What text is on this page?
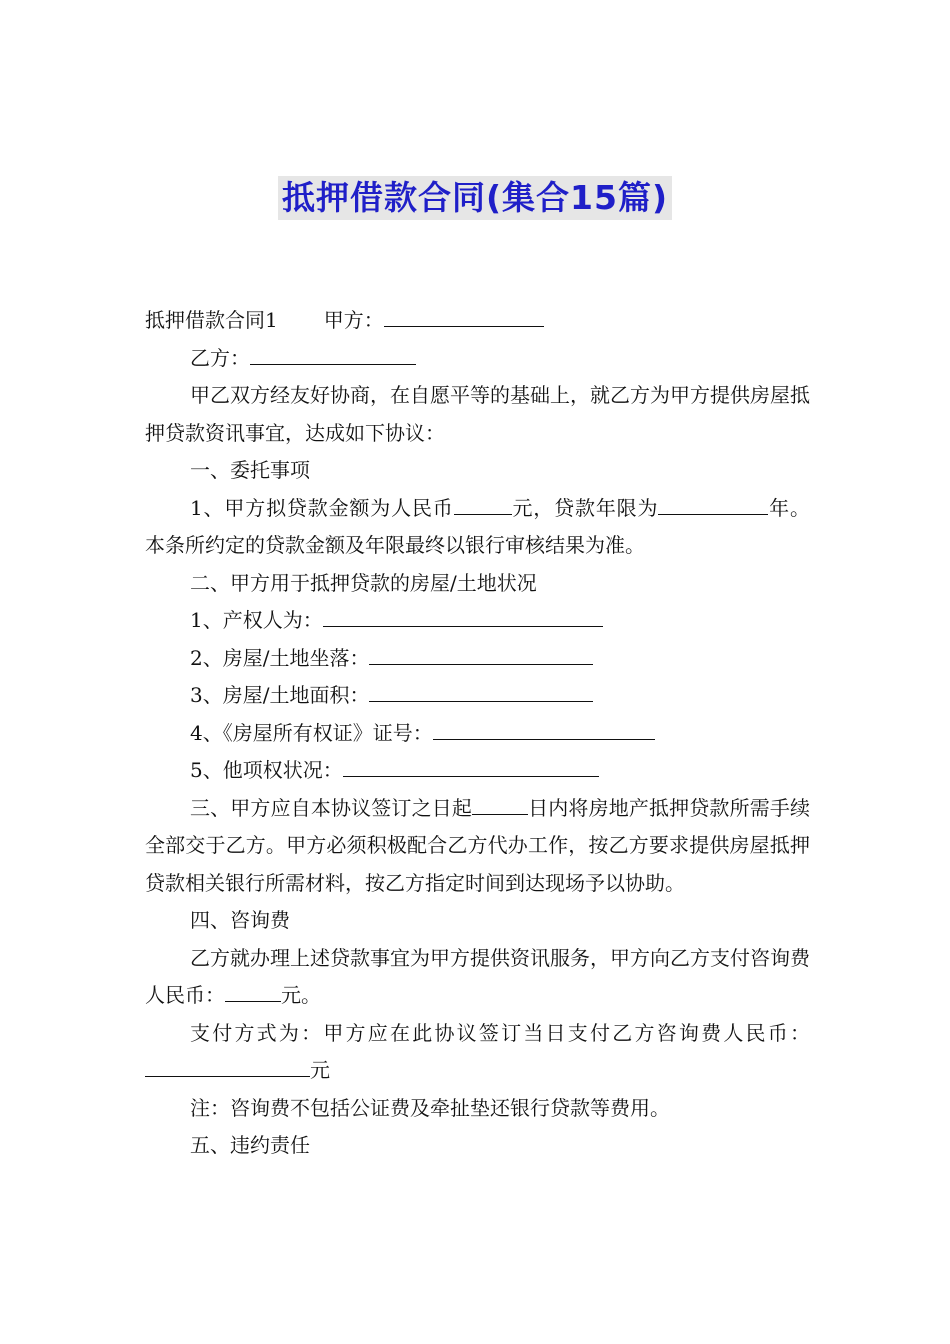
抵押借款合同(集合15篇)

抵押借款合同1 甲方：

乙方：

甲乙双方经友好协商，在自愿平等的基础上，就乙方为甲方提供房屋抵押贷款资讯事宜，达成如下协议：

一、委托事项

1、甲方拟贷款金额为人民币	元，贷款年限为	年。本条所约定的贷款金额及年限最终以银行审核结果为准。

二、甲方用于抵押贷款的房屋/土地状况

1、产权人为：

2、房屋/土地坐落：

3、房屋/土地面积：

4、《房屋所有权证》证号：

5、他项权状况：

三、甲方应自本协议签订之日起	日内将房地产抵押贷款所需手续全部交于乙方。甲方必须积极配合乙方代办工作，按乙方要求提供房屋抵押贷款相关银行所需材料，按乙方指定时间到达现场予以协助。

四、咨询费

乙方就办理上述贷款事宜为甲方提供资讯服务，甲方向乙方支付咨询费人民币：	元。

支付方式为：甲方应在此协议签订当日支付乙方咨询费人民币：元

注：咨询费不包括公证费及牵扯垫还银行贷款等费用。

五、违约责任
